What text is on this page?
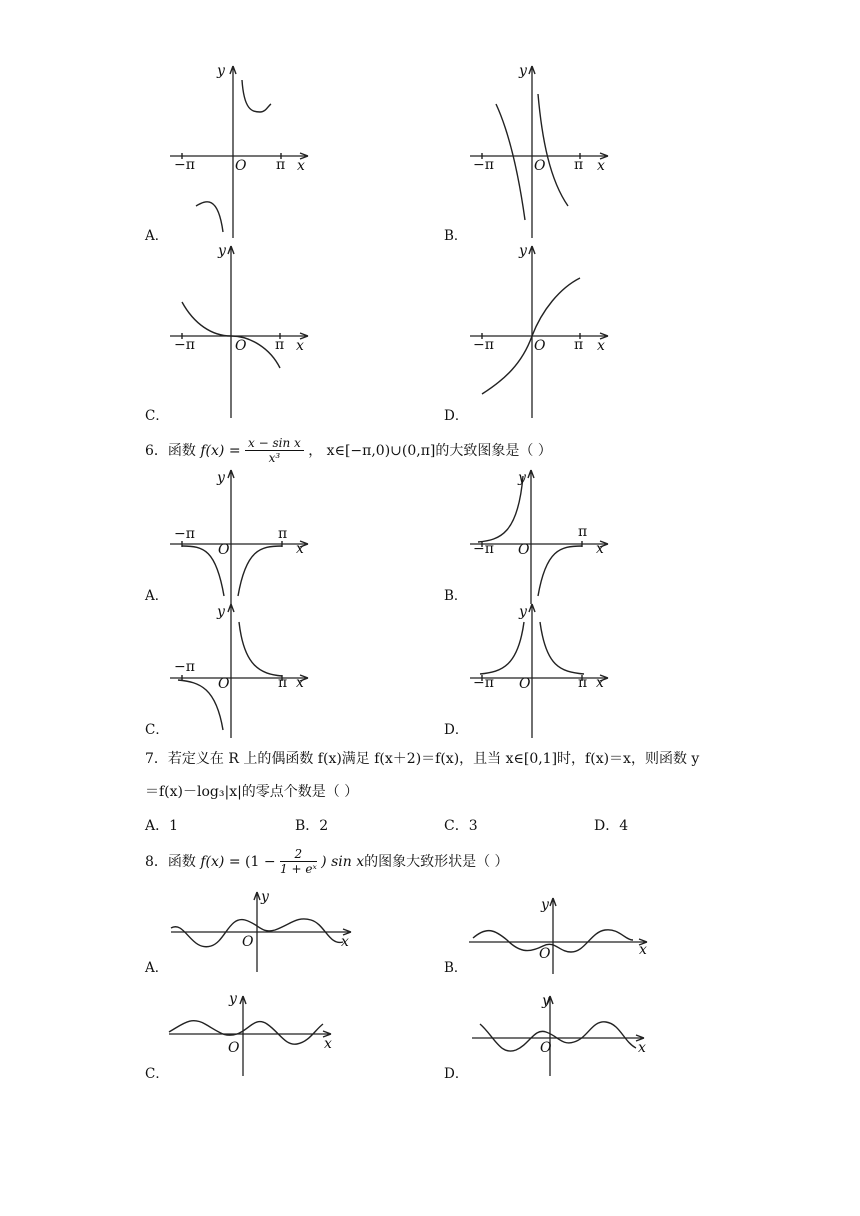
y
−π	O π x
A．
y
−π	O π x
B．
y
−π	O π x
C．
y
−π	O π x
D．
6．函数 $f(x) = \frac{\text{x − sin x}}{\text{x³}}$ ， x∈[−π,0)∪(0,π]的大致图象是（ ）
y
−π
O
π
x
A．
y
−π O
π
x
B．
y
−π
O	π x
C．
y
−π O	π x
D．
7．若定义在 R 上的偶函数 f(x)满足 f(x＋2)＝f(x)，且当 x∈[0,1]时，f(x)＝x，则函数 y
＝f(x)－log₃|x|的零点个数是（ ）
A．1	B．2	C．3	D．4
8．函数 $f(x) = (1 - \frac{2}{\text{1 + eˣ}}$ ) sin x的图象大致形状是（ ）
y
O	x
A．
y
O	x
B．
y
O	x
C．
y
O	x
D．
